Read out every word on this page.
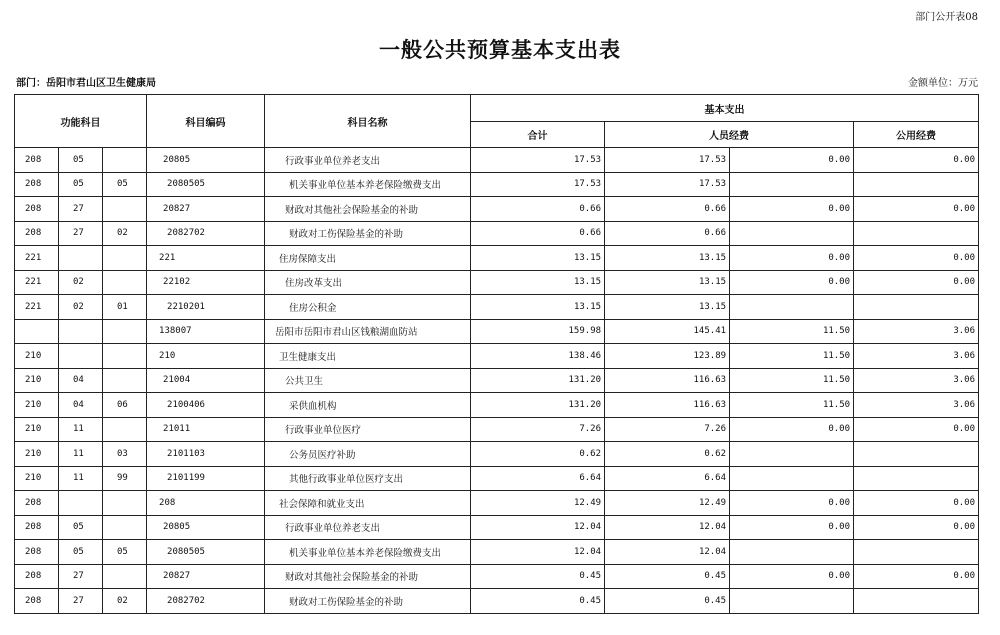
部门公开表08
一般公共预算基本支出表
部门：岳阳市君山区卫生健康局	金额单位：万元
功能科目			科目编码	科目名称	基本支出			
					合计	人员经费		公用经费
208	05		20805	行政事业单位养老支出	17.53	17.53	0.00	0.00
208	05	05	2080505	机关事业单位基本养老保险缴费支出	17.53	17.53		
208	27		20827	财政对其他社会保险基金的补助	0.66	0.66	0.00	0.00
208	27	02	2082702	财政对工伤保险基金的补助	0.66	0.66		
221			221	住房保障支出	13.15	13.15	0.00	0.00
221	02		22102	住房改革支出	13.15	13.15	0.00	0.00
221	02	01	2210201	住房公积金	13.15	13.15		
			138007	岳阳市岳阳市君山区钱粮湖血防站	159.98	145.41	11.50	3.06
210			210	卫生健康支出	138.46	123.89	11.50	3.06
210	04		21004	公共卫生	131.20	116.63	11.50	3.06
210	04	06	2100406	采供血机构	131.20	116.63	11.50	3.06
210	11		21011	行政事业单位医疗	7.26	7.26	0.00	0.00
210	11	03	2101103	公务员医疗补助	0.62	0.62		
210	11	99	2101199	其他行政事业单位医疗支出	6.64	6.64		
208			208	社会保障和就业支出	12.49	12.49	0.00	0.00
208	05		20805	行政事业单位养老支出	12.04	12.04	0.00	0.00
208	05	05	2080505	机关事业单位基本养老保险缴费支出	12.04	12.04		
208	27		20827	财政对其他社会保险基金的补助	0.45	0.45	0.00	0.00
208	27	02	2082702	财政对工伤保险基金的补助	0.45	0.45		
